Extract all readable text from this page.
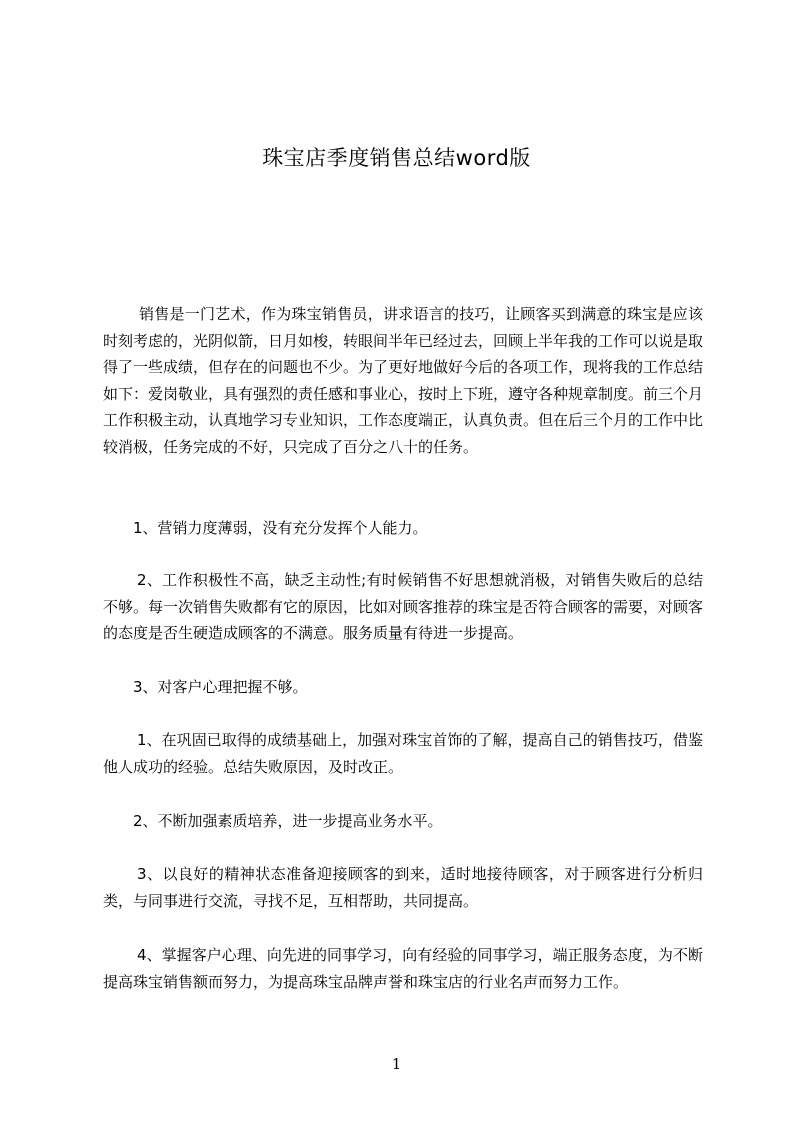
珠宝店季度销售总结word版

销售是一门艺术，作为珠宝销售员，讲求语言的技巧，让顾客买到满意的珠宝是应该时刻考虑的，光阴似箭，日月如梭，转眼间半年已经过去，回顾上半年我的工作可以说是取得了一些成绩，但存在的问题也不少。为了更好地做好今后的各项工作，现将我的工作总结如下：爱岗敬业，具有强烈的责任感和事业心，按时上下班，遵守各种规章制度。前三个月工作积极主动，认真地学习专业知识，工作态度端正，认真负责。但在后三个月的工作中比较消极，任务完成的不好，只完成了百分之八十的任务。

1、营销力度薄弱，没有充分发挥个人能力。

2、工作积极性不高，缺乏主动性;有时候销售不好思想就消极，对销售失败后的总结不够。每一次销售失败都有它的原因，比如对顾客推荐的珠宝是否符合顾客的需要，对顾客的态度是否生硬造成顾客的不满意。服务质量有待进一步提高。

3、对客户心理把握不够。

1、在巩固已取得的成绩基础上，加强对珠宝首饰的了解，提高自己的销售技巧，借鉴他人成功的经验。总结失败原因，及时改正。

2、不断加强素质培养，进一步提高业务水平。

3、以良好的精神状态准备迎接顾客的到来，适时地接待顾客，对于顾客进行分析归类，与同事进行交流，寻找不足，互相帮助，共同提高。

4、掌握客户心理、向先进的同事学习，向有经验的同事学习，端正服务态度，为不断提高珠宝销售额而努力，为提高珠宝品牌声誉和珠宝店的行业名声而努力工作。

1
